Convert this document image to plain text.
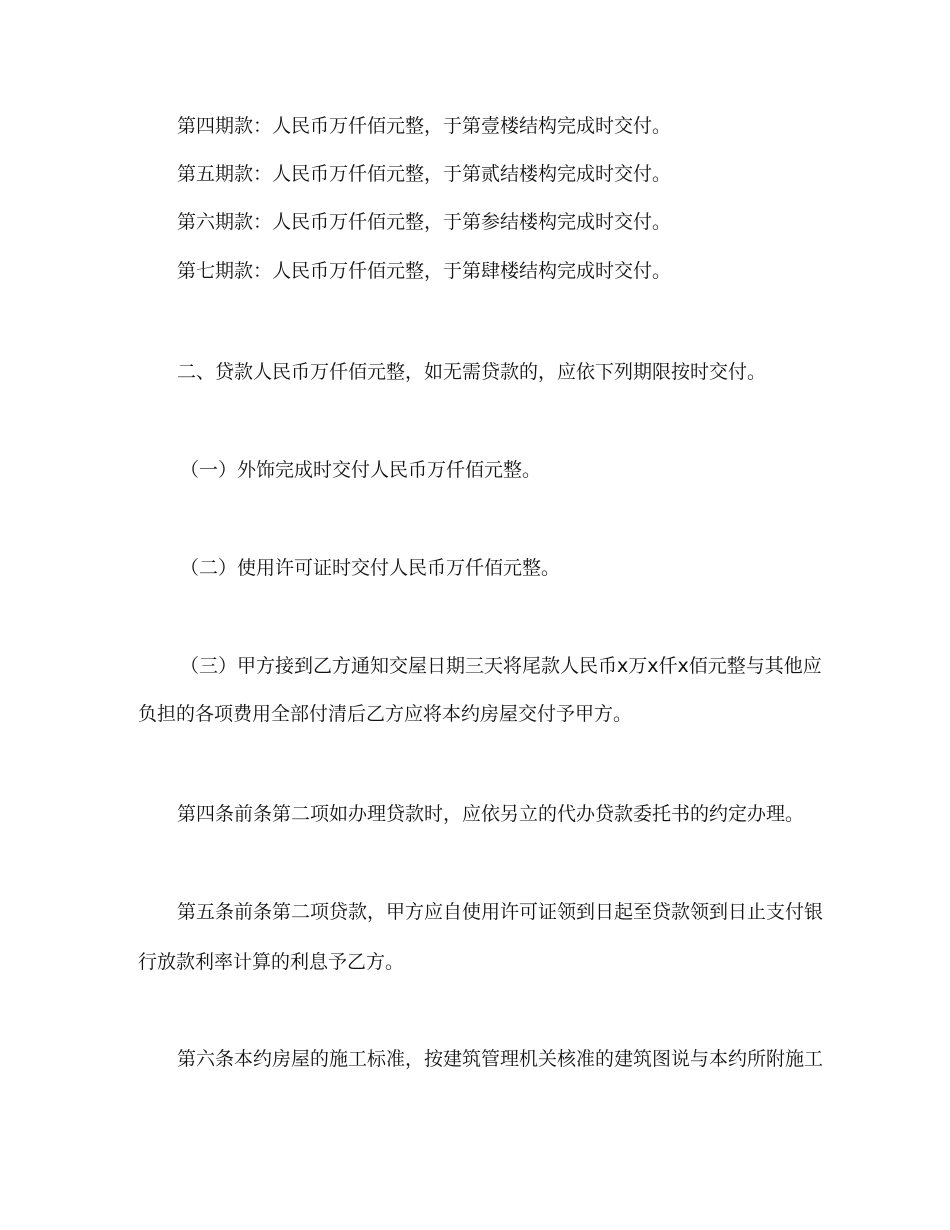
第四期款：人民币万仟佰元整，于第壹楼结构完成时交付。

第五期款：人民币万仟佰元整，于第贰结楼构完成时交付。

第六期款：人民币万仟佰元整，于第参结楼构完成时交付。

第七期款：人民币万仟佰元整，于第肆楼结构完成时交付。

二、贷款人民币万仟佰元整，如无需贷款的，应依下列期限按时交付。

（一）外饰完成时交付人民币万仟佰元整。

（二）使用许可证时交付人民币万仟佰元整。

（三）甲方接到乙方通知交屋日期三天将尾款人民币x万x仟x佰元整与其他应

负担的各项费用全部付清后乙方应将本约房屋交付予甲方。

第四条前条第二项如办理贷款时，应依另立的代办贷款委托书的约定办理。

第五条前条第二项贷款，甲方应自使用许可证领到日起至贷款领到日止支付银

行放款利率计算的利息予乙方。

第六条本约房屋的施工标准，按建筑管理机关核准的建筑图说与本约所附施工
